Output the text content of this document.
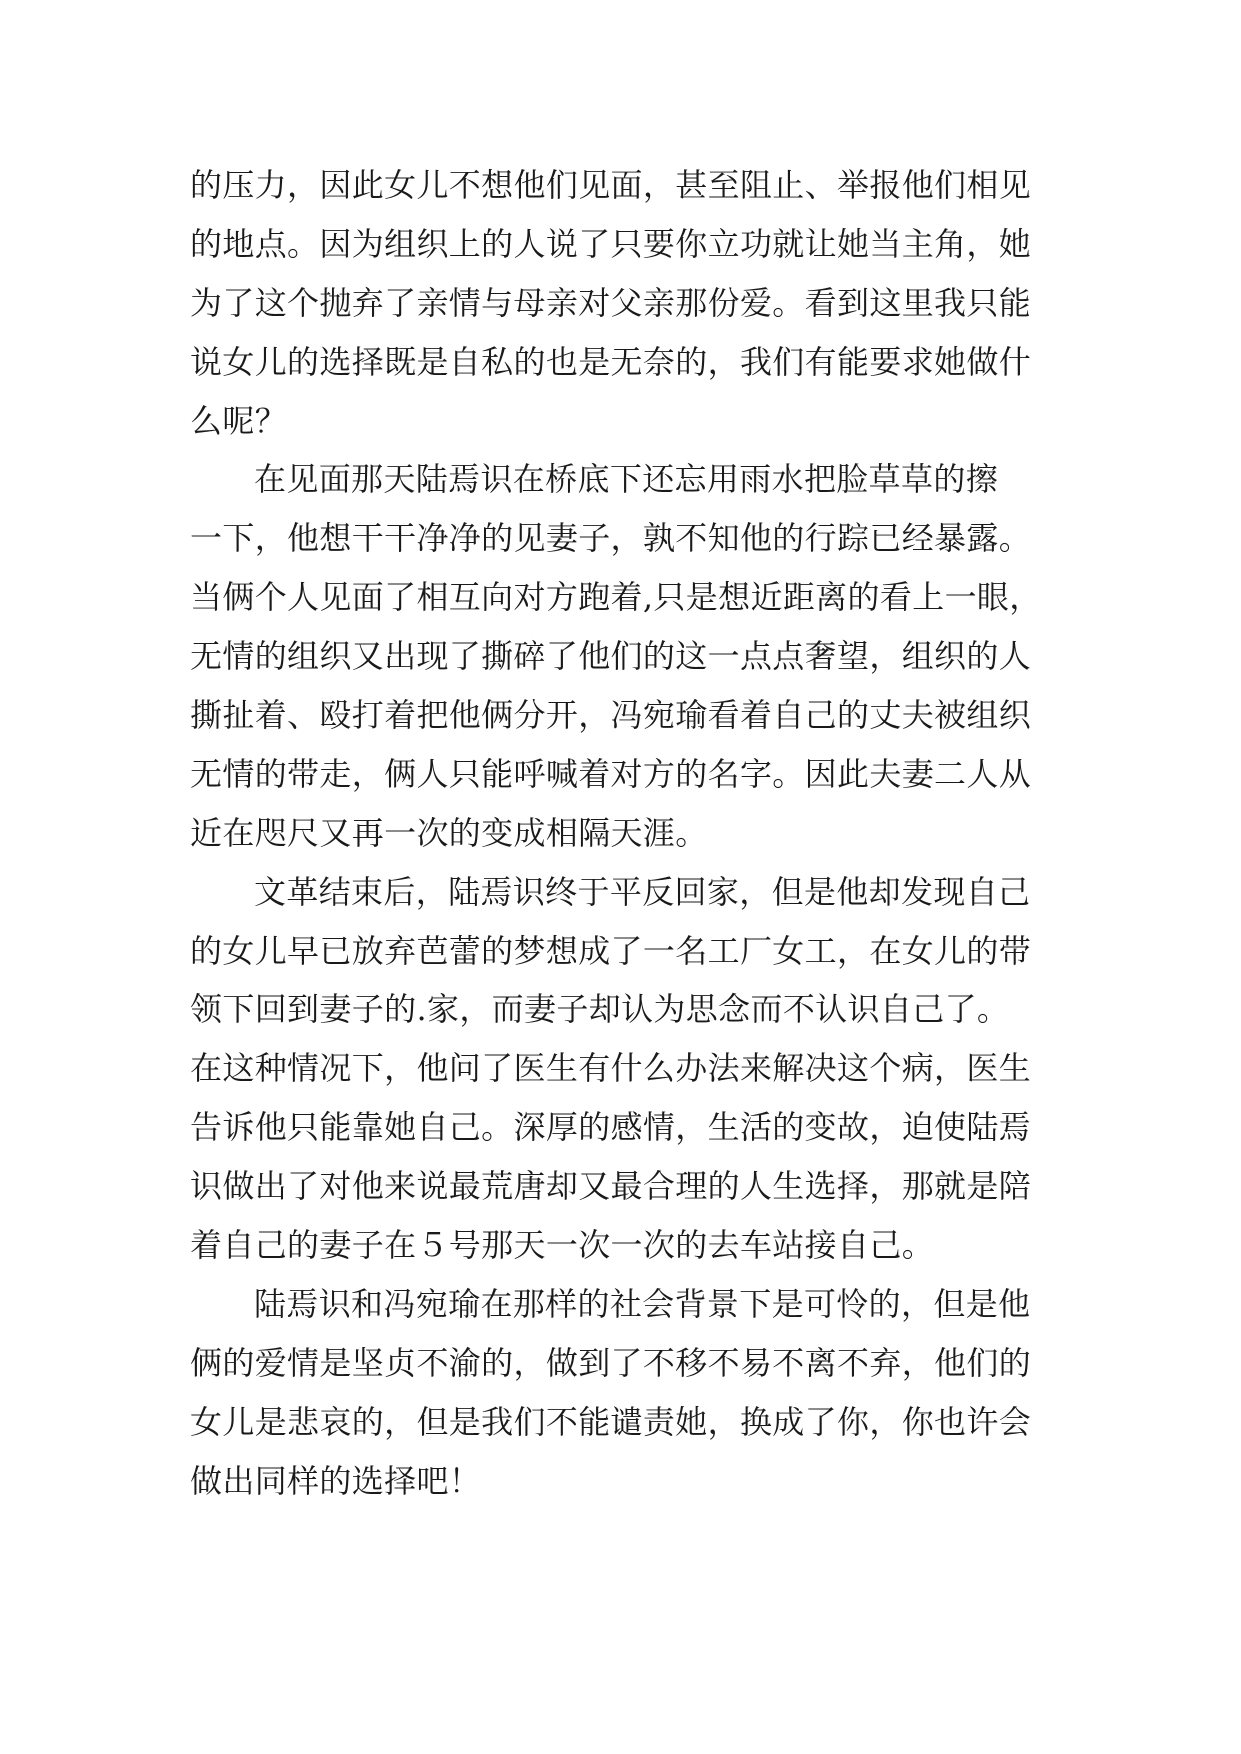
的压力，因此女儿不想他们见面，甚至阻止、举报他们相见
的地点。因为组织上的人说了只要你立功就让她当主角，她
为了这个抛弃了亲情与母亲对父亲那份爱。看到这里我只能
说女儿的选择既是自私的也是无奈的，我们有能要求她做什
么呢？
在见面那天陆焉识在桥底下还忘用雨水把脸草草的擦
一下，他想干干净净的见妻子，孰不知他的行踪已经暴露。
当俩个人见面了相互向对方跑着,只是想近距离的看上一眼，
无情的组织又出现了撕碎了他们的这一点点奢望，组织的人
撕扯着、殴打着把他俩分开，冯宛瑜看着自己的丈夫被组织
无情的带走，俩人只能呼喊着对方的名字。因此夫妻二人从
近在咫尺又再一次的变成相隔天涯。
文革结束后，陆焉识终于平反回家，但是他却发现自己
的女儿早已放弃芭蕾的梦想成了一名工厂女工，在女儿的带
领下回到妻子的.家，而妻子却认为思念而不认识自己了。
在这种情况下，他问了医生有什么办法来解决这个病，医生
告诉他只能靠她自己。深厚的感情，生活的变故，迫使陆焉
识做出了对他来说最荒唐却又最合理的人生选择，那就是陪
着自己的妻子在５号那天一次一次的去车站接自己。
陆焉识和冯宛瑜在那样的社会背景下是可怜的，但是他
俩的爱情是坚贞不渝的，做到了不移不易不离不弃，他们的
女儿是悲哀的，但是我们不能谴责她，换成了你，你也许会
做出同样的选择吧！
